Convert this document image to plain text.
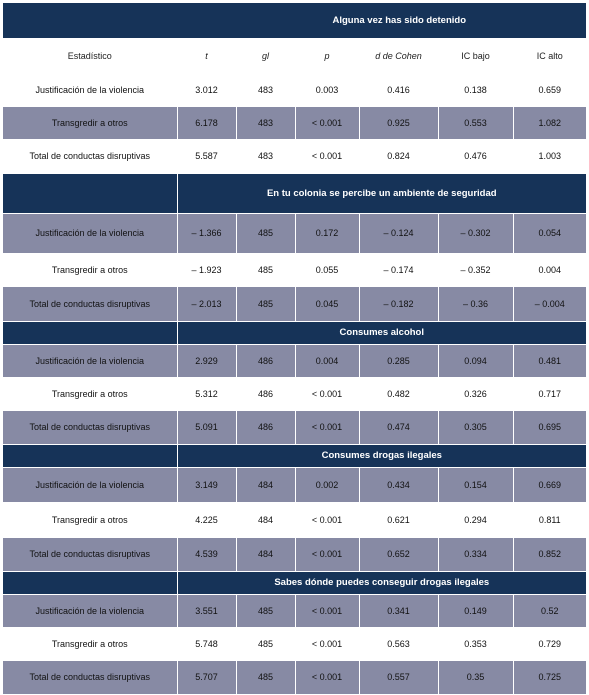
Alguna vez has sido detenido						
Estadístico	t	gl	p	d de Cohen	IC bajo	IC alto
Justificación de la violencia	3.012	483	0.003	0.416	0.138	0.659
Transgredir a otros	6.178	483	< 0.001	0.925	0.553	1.082
Total de conductas disruptivas	5.587	483	< 0.001	0.824	0.476	1.003
	En tu colonia se percibe un ambiente de seguridad					
Justificación de la violencia	– 1.366	485	0.172	– 0.124	– 0.302	0.054
Transgredir a otros	– 1.923	485	0.055	– 0.174	– 0.352	0.004
Total de conductas disruptivas	– 2.013	485	0.045	– 0.182	– 0.36	– 0.004
	Consumes alcohol					
Justificación de la violencia	2.929	486	0.004	0.285	0.094	0.481
Transgredir a otros	5.312	486	< 0.001	0.482	0.326	0.717
Total de conductas disruptivas	5.091	486	< 0.001	0.474	0.305	0.695
	Consumes drogas ilegales					
Justificación de la violencia	3.149	484	0.002	0.434	0.154	0.669
Transgredir a otros	4.225	484	< 0.001	0.621	0.294	0.811
Total de conductas disruptivas	4.539	484	< 0.001	0.652	0.334	0.852
	Sabes dónde puedes conseguir drogas ilegales					
Justificación de la violencia	3.551	485	< 0.001	0.341	0.149	0.52
Transgredir a otros	5.748	485	< 0.001	0.563	0.353	0.729
Total de conductas disruptivas	5.707	485	< 0.001	0.557	0.35	0.725
